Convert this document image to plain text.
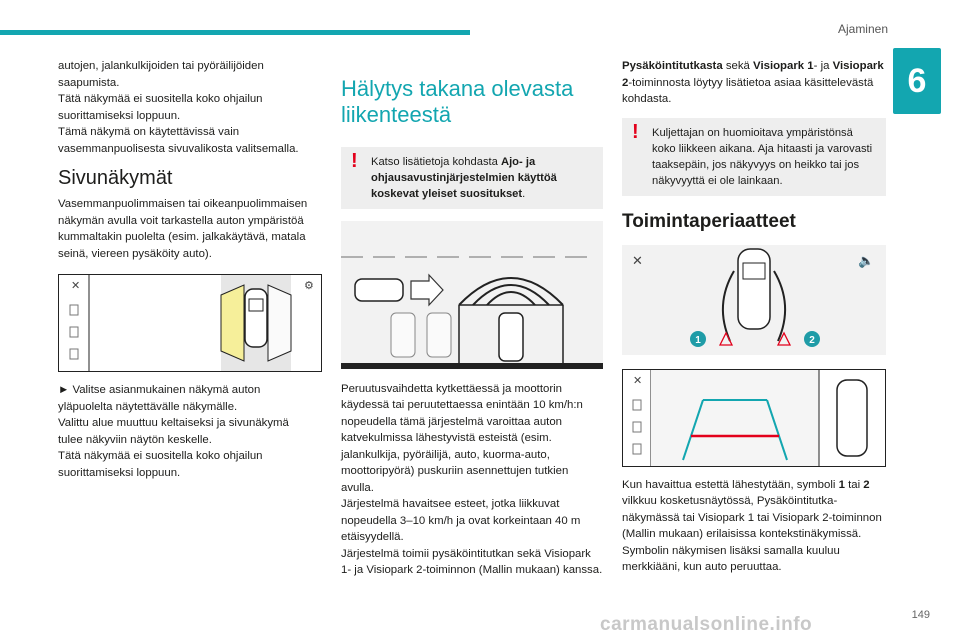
Ajaminen
6

autojen, jalankulkijoiden tai pyöräilijöiden saapumista.

Tätä näkymää ei suositella koko ohjailun suorittamiseksi loppuun.

Tämä näkymä on käytettävissä vain vasemmanpuolisesta sivuvalikosta valitsemalla.

Sivunäkymät

Vasemmanpuolimmaisen tai oikeanpuolimmaisen näkymän avulla voit tarkastella auton ympäristöä kummaltakin puolelta (esim. jalkakäytävä, matala seinä, viereen pysäköity auto).

✕	⚙

► Valitse asianmukainen näkymä auton yläpuolelta näytettävälle näkymälle.

Valittu alue muuttuu keltaiseksi ja sivunäkymä tulee näkyviin näytön keskelle.

Tätä näkymää ei suositella koko ohjailun suorittamiseksi loppuun.

Hälytys takana olevasta liikenteestä
! Katso lisätietoja kohdasta Ajo- ja ohjausavustinjärjestelmien käyttöä koskevat yleiset suositukset.

Peruutusvaihdetta kytkettäessä ja moottorin käydessä tai peruutettaessa enintään 10 km/h:n nopeudella tämä järjestelmä varoittaa auton katvekulmissa lähestyvistä esteistä (esim. jalankulkija, pyöräilijä, auto, kuorma-auto, moottoripyörä) puskuriin asennettujen tutkien avulla.

Järjestelmä havaitsee esteet, jotka liikkuvat nopeudella 3–10 km/h ja ovat korkeintaan 40 m etäisyydellä.

Järjestelmä toimii pysäköintitutkan sekä Visiopark 1- ja Visiopark 2-toiminnon (Mallin mukaan) kanssa.

Pysäköintitutkasta sekä Visiopark 1- ja Visiopark 2-toiminnosta löytyy lisätietoa asiaa käsittelevästä kohdasta.

! Kuljettajan on huomioitava ympäristönsä koko liikkeen aikana. Aja hitaasti ja varovasti taaksepäin, jos näkyvyys on heikko tai jos näkyvyyttä ei ole lainkaan.
Toimintaperiaatteet
✕	🔈
1	2
✕

Kun havaittua estettä lähestytään, symboli 1 tai 2 vilkkuu kosketusnäytössä, Pysäköintitutka-näkymässä tai Visiopark 1 tai Visiopark 2-toiminnon (Mallin mukaan) erilaisissa kontekstinäkymissä.

Symbolin näkymisen lisäksi samalla kuuluu merkkiääni, kun auto peruuttaa.

149
carmanualsonline.info
